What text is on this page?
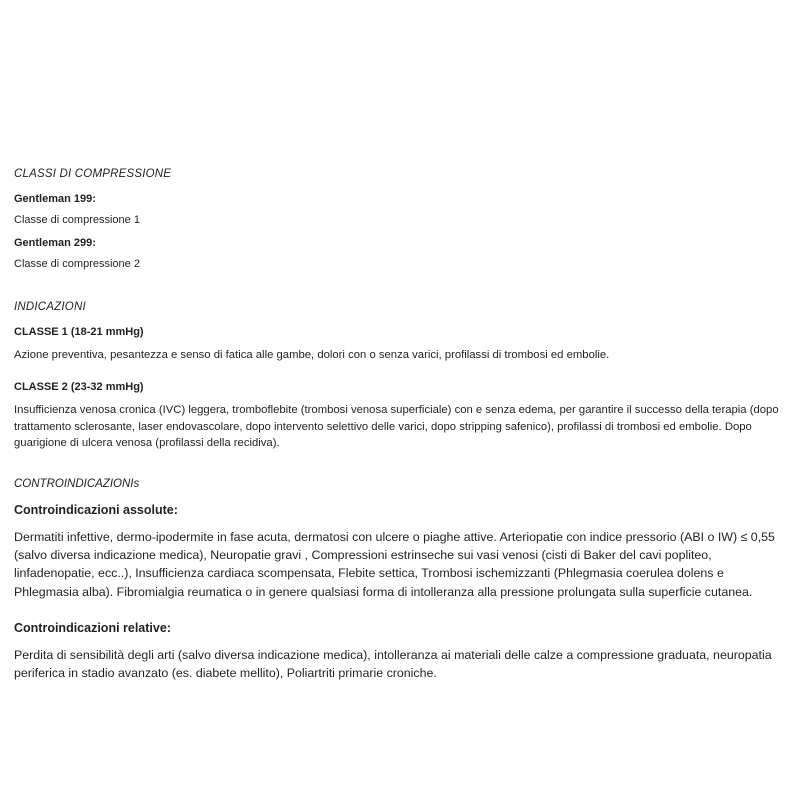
CLASSI DI COMPRESSIONE
Gentleman 199:
Classe di compressione 1
Gentleman 299:
Classe di compressione 2
INDICAZIONI
CLASSE 1 (18-21 mmHg)
Azione preventiva, pesantezza e senso di fatica alle gambe, dolori con o senza varici, profilassi di trombosi ed embolie.
CLASSE 2 (23-32 mmHg)
Insufficienza venosa cronica (IVC) leggera, tromboflebite (trombosi venosa superficiale) con e senza edema, per garantire il successo della terapia (dopo trattamento sclerosante, laser endovascolare, dopo intervento selettivo delle varici, dopo stripping safenico), profilassi di trombosi ed embolie. Dopo guarigione di ulcera venosa (profilassi della recidiva).
CONTROINDICAZIONIs
Controindicazioni assolute:
Dermatiti infettive, dermo-ipodermite in fase acuta, dermatosi con ulcere o piaghe attive. Arteriopatie con indice pressorio (ABI o IW) ≤ 0,55 (salvo diversa indicazione medica), Neuropatie gravi , Compressioni estrinseche sui vasi venosi (cisti di Baker del cavi popliteo, linfadenopatie, ecc..), Insufficienza cardiaca scompensata, Flebite settica, Trombosi ischemizzanti (Phlegmasia coerulea dolens e Phlegmasia alba). Fibromialgia reumatica o in genere qualsiasi forma di intolleranza alla pressione prolungata sulla superficie cutanea.
Controindicazioni relative:
Perdita di sensibilità degli arti (salvo diversa indicazione medica), intolleranza ai materiali delle calze a compressione graduata, neuropatia periferica in stadio avanzato (es. diabete mellito), Poliartriti primarie croniche.
